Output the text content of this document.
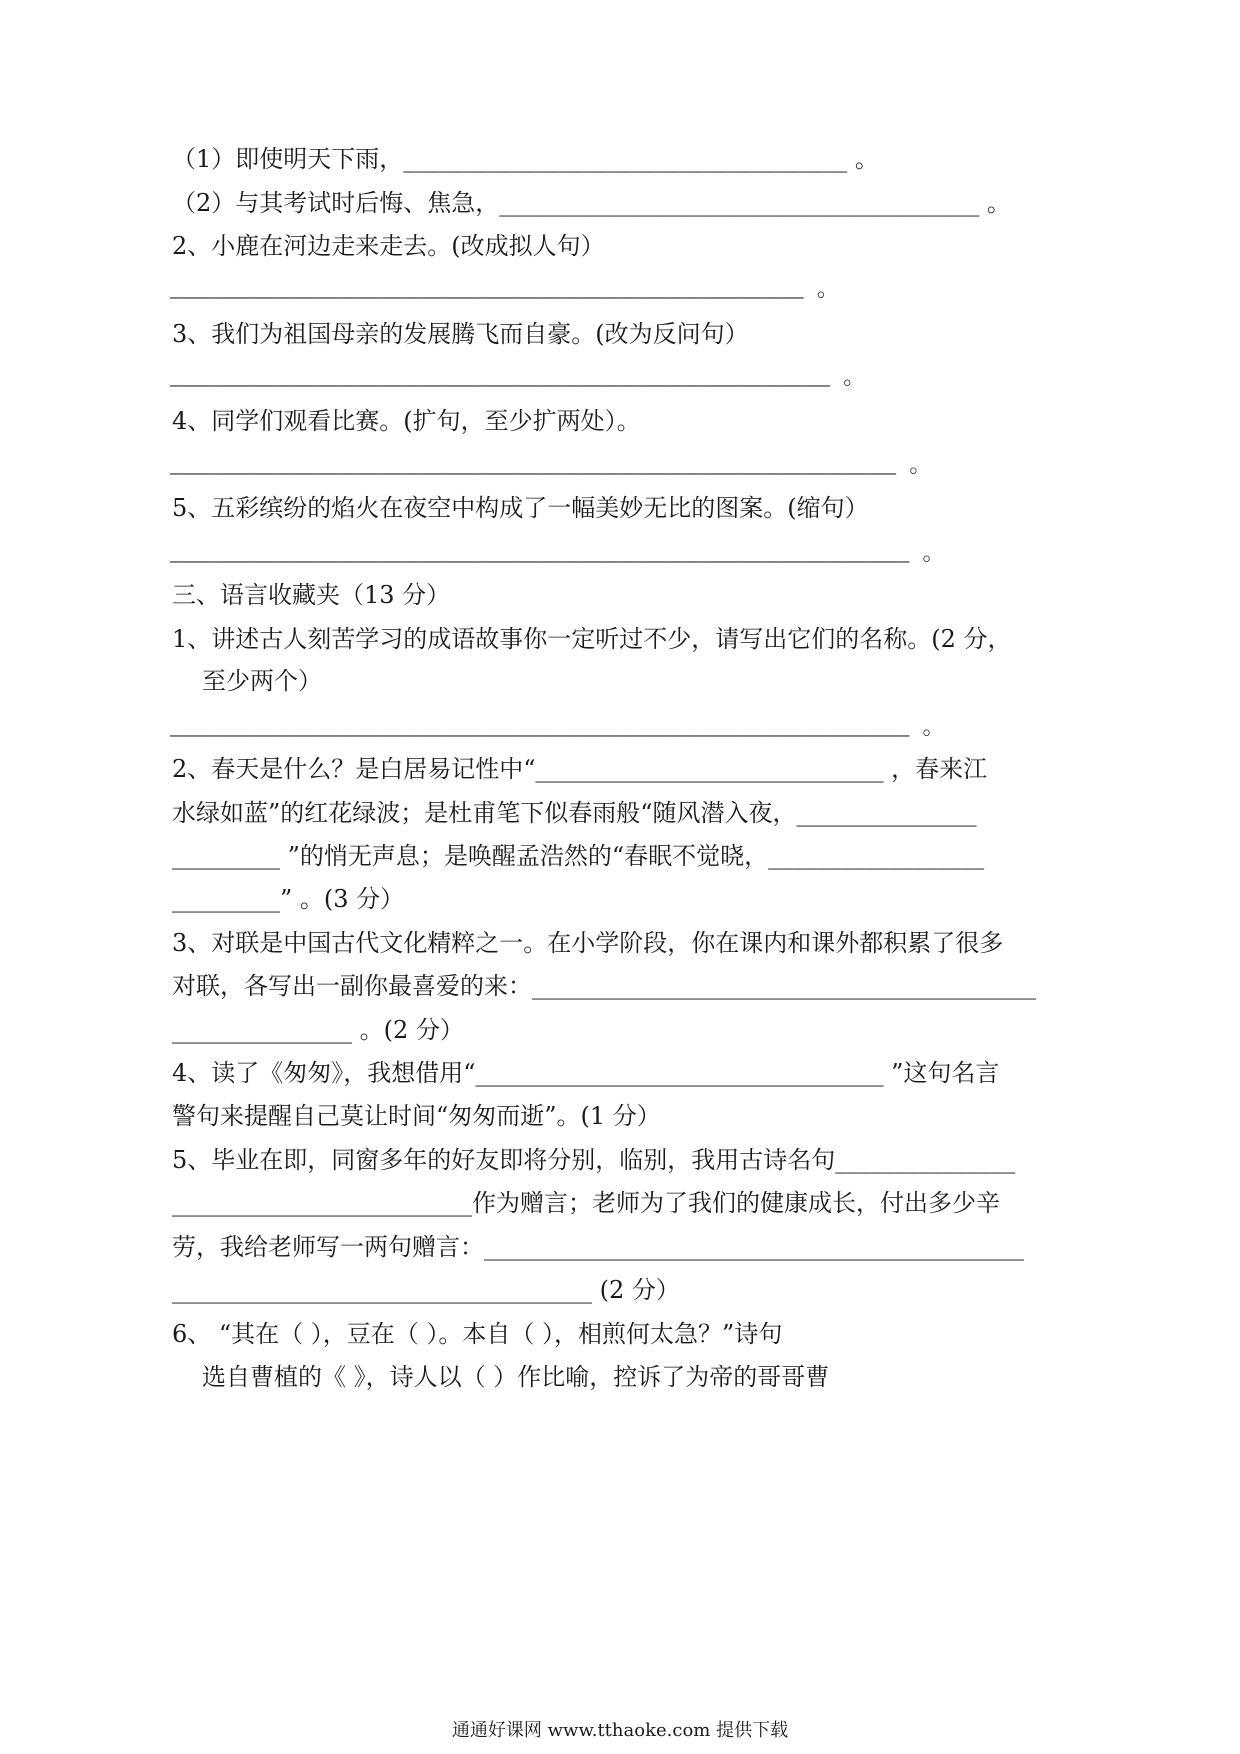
（1）即使明天下雨，_____________________________________ 。
（2）与其考试时后悔、焦急，________________________________________ 。
2、小鹿在河边走来走去。(改成拟人句）
________________________________________________ 。
3、我们为祖国母亲的发展腾飞而自豪。(改为反问句）
__________________________________________________ 。
4、同学们观看比赛。(扩句，至少扩两处）。
_______________________________________________________ 。
5、五彩缤纷的焰火在夜空中构成了一幅美妙无比的图案。(缩句）
________________________________________________________ 。
三、语言收藏夹（13 分）
1、讲述古人刻苦学习的成语故事你一定听过不少，请写出它们的名称。(2 分，
至少两个）
________________________________________________________ 。
2、春天是什么？是白居易记性中“_____________________________ ，春来江
水绿如蓝”的红花绿波；是杜甫笔下似春雨般“随风潜入夜，_______________
_________ ”的悄无声息；是唤醒孟浩然的“春眠不觉晓，__________________
_________” 。(3 分）
3、对联是中国古代文化精粹之一。在小学阶段，你在课内和课外都积累了很多
对联，各写出一副你最喜爱的来：__________________________________________
_______________ 。(2 分）
4、读了《匆匆》，我想借用“__________________________________ ”这句名言
警句来提醒自己莫让时间“匆匆而逝”。(1 分）
5、毕业在即，同窗多年的好友即将分别，临别，我用古诗名句_______________
_________________________作为赠言；老师为了我们的健康成长，付出多少辛
劳，我给老师写一两句赠言：_____________________________________________
___________________________________ (2 分）
6、 “其在（ ），豆在（ ）。本自（ ），相煎何太急？”诗句
选自曹植的《 》，诗人以（ ）作比喻，控诉了为帝的哥哥曹
通通好课网 www.tthaoke.com 提供下载
